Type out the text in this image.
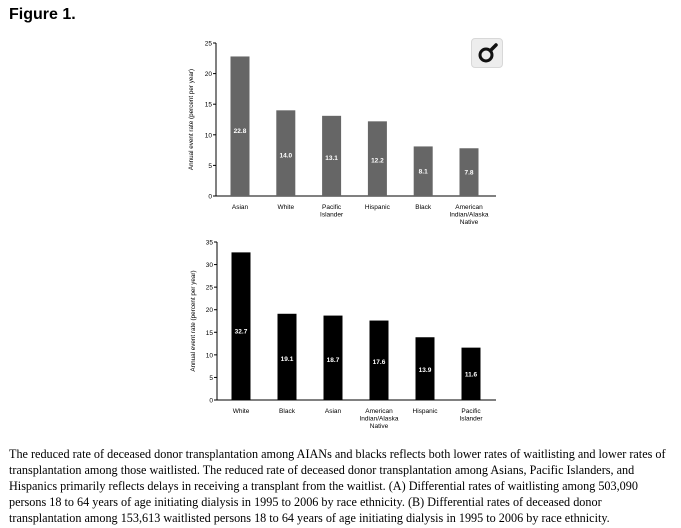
Figure 1.
0
5
10
15
20
25
Annual event rate (percent per year)	22.8
Asian
14.0
White
13.1
Pacific
Islander
12.2
Hispanic
8.1
Black
7.8
American
Indian/Alaska
Native
0
5
10
15
20
25
30
35
Annual event rate (percent per year)	32.7
White
19.1
Black
18.7
Asian
17.6
American
Indian/Alaska
Native
13.9
Hispanic
11.6
Pacific
Islander
The reduced rate of deceased donor transplantation among AIANs and blacks reflects both lower rates of waitlisting and lower rates of transplantation among those waitlisted. The reduced rate of deceased donor transplantation among Asians, Pacific Islanders, and Hispanics primarily reflects delays in receiving a transplant from the waitlist. (A) Differential rates of waitlisting among 503,090 persons 18 to 64 years of age initiating dialysis in 1995 to 2006 by race ethnicity. (B) Differential rates of deceased donor transplantation among 153,613 waitlisted persons 18 to 64 years of age initiating dialysis in 1995 to 2006 by race ethnicity.
